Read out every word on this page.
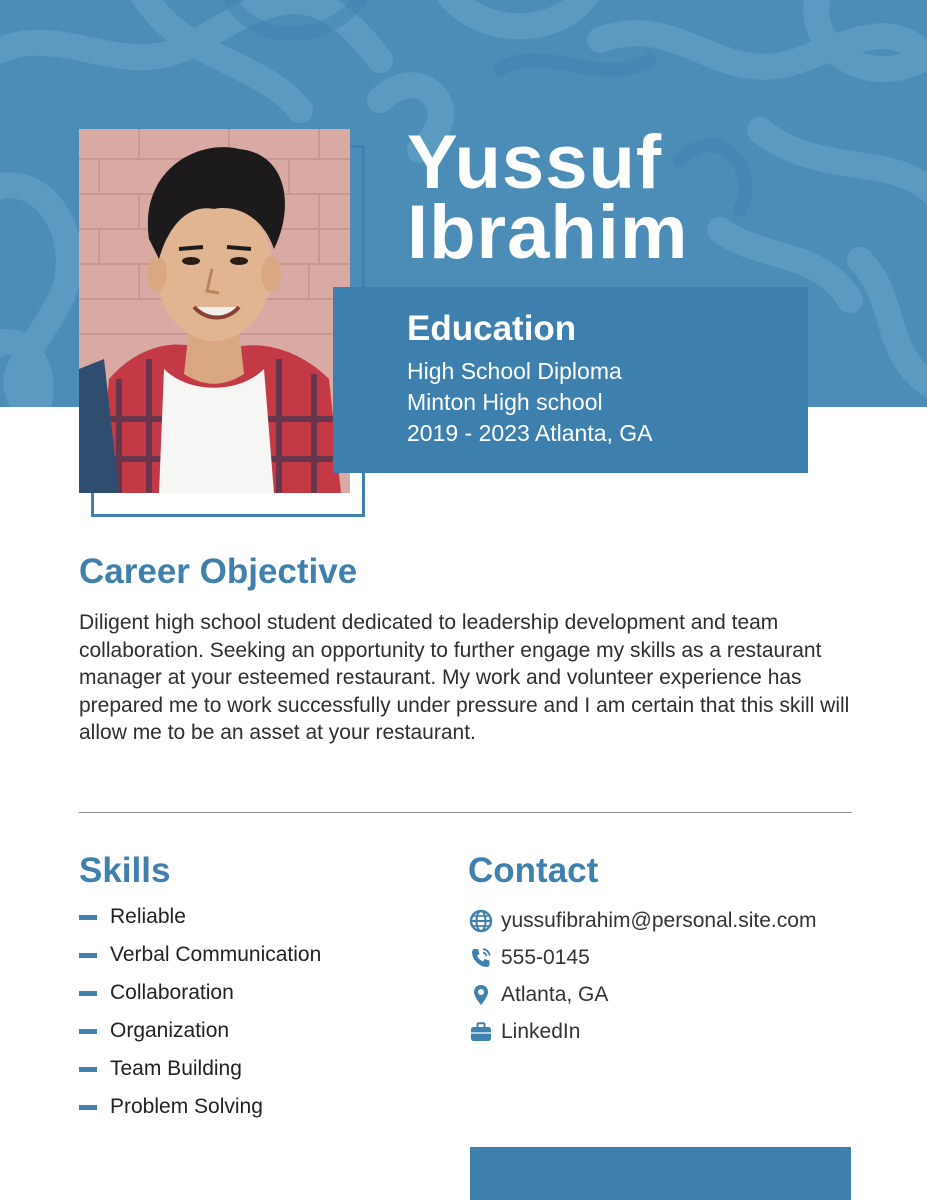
Yussuf
Ibrahim
Education
High School Diploma
Minton High school
2019 - 2023 Atlanta, GA
Career Objective
Diligent high school student dedicated to leadership development and team collaboration. Seeking an opportunity to further engage my skills as a restaurant manager at your esteemed restaurant. My work and volunteer experience has prepared me to work successfully under pressure and I am certain that this skill will allow me to be an asset at your restaurant.
Skills
Reliable
Verbal Communication
Collaboration
Organization
Team Building
Problem Solving
Contact
yussufibrahim@personal.site.com
555-0145
Atlanta, GA
LinkedIn
